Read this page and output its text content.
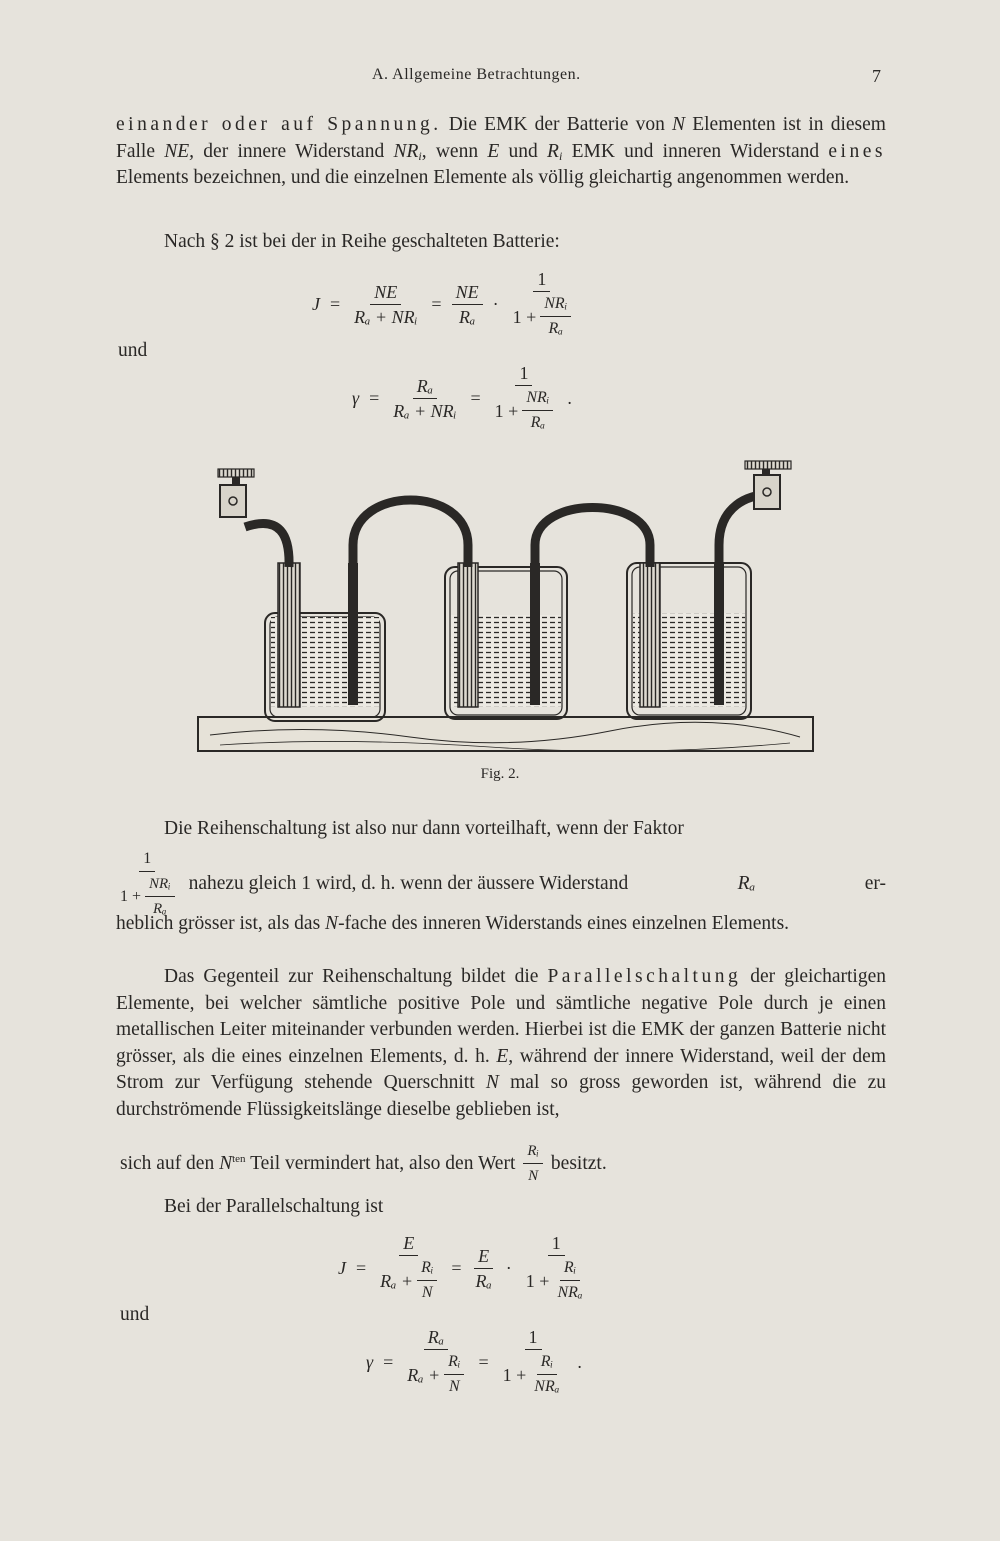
A. Allgemeine Betrachtungen.	7
einander oder auf Spannung. Die EMK der Batterie von N Elementen ist in diesem Falle NE, der innere Widerstand $NR_i$, wenn E und $R_i$ EMK und inneren Widerstand eines Elements bezeichnen, und die einzelnen Elemente als völlig gleichartig angenommen werden.
Nach § 2 ist bei der in Reihe geschalteten Batterie:
$J = \frac{NE}{\text{Rₐ + NRᵢ}} = \frac{NE}{\text{Rₐ}} \cdot \frac{1}{1 + \frac{\text{NRᵢ}}{\text{Rₐ}}}$
und
$\gamma = \frac{\text{Rₐ}}{\text{Rₐ + NRᵢ}} = \frac{1}{1 + \frac{\text{NRᵢ}}{\text{Rₐ}}}$ .
Fig. 2.
Die Reihenschaltung ist also nur dann vorteilhaft, wenn der Faktor
$\frac{1}{1 + \frac{\text{NRᵢ}}{\text{Rₐ}}}$ nahezu gleich 1 wird, d. h. wenn der äussere Widerstand	Rₐ	er-
heblich grösser ist, als das N-fache des inneren Widerstands eines einzelnen Elements.
Das Gegenteil zur Reihenschaltung bildet die Parallelschaltung der gleichartigen Elemente, bei welcher sämtliche positive Pole und sämtliche negative Pole durch je einen metallischen Leiter miteinander verbunden werden. Hierbei ist die EMK der ganzen Batterie nicht grösser, als die eines einzelnen Elements, d. h. E, während der innere Widerstand, weil der dem Strom zur Verfügung stehende Querschnitt N mal so gross geworden ist, während die zu durchströmende Flüssigkeitslänge dieselbe geblieben ist,
sich auf den $N^{ten}$ Teil vermindert hat, also den Wert $\frac{\text{Rᵢ}}{N}$ besitzt.
Bei der Parallelschaltung ist
$J = \frac{E}{R_a + \frac{\text{Rᵢ}}{N}} = \frac{E}{\text{Rₐ}} \cdot \frac{1}{1 + \frac{\text{Rᵢ}}{\text{NRₐ}}}$
und
$\gamma = \frac{\text{Rₐ}}{R_a + \frac{\text{Rᵢ}}{N}} = \frac{1}{1 + \frac{\text{Rᵢ}}{\text{NRₐ}}}$ .
